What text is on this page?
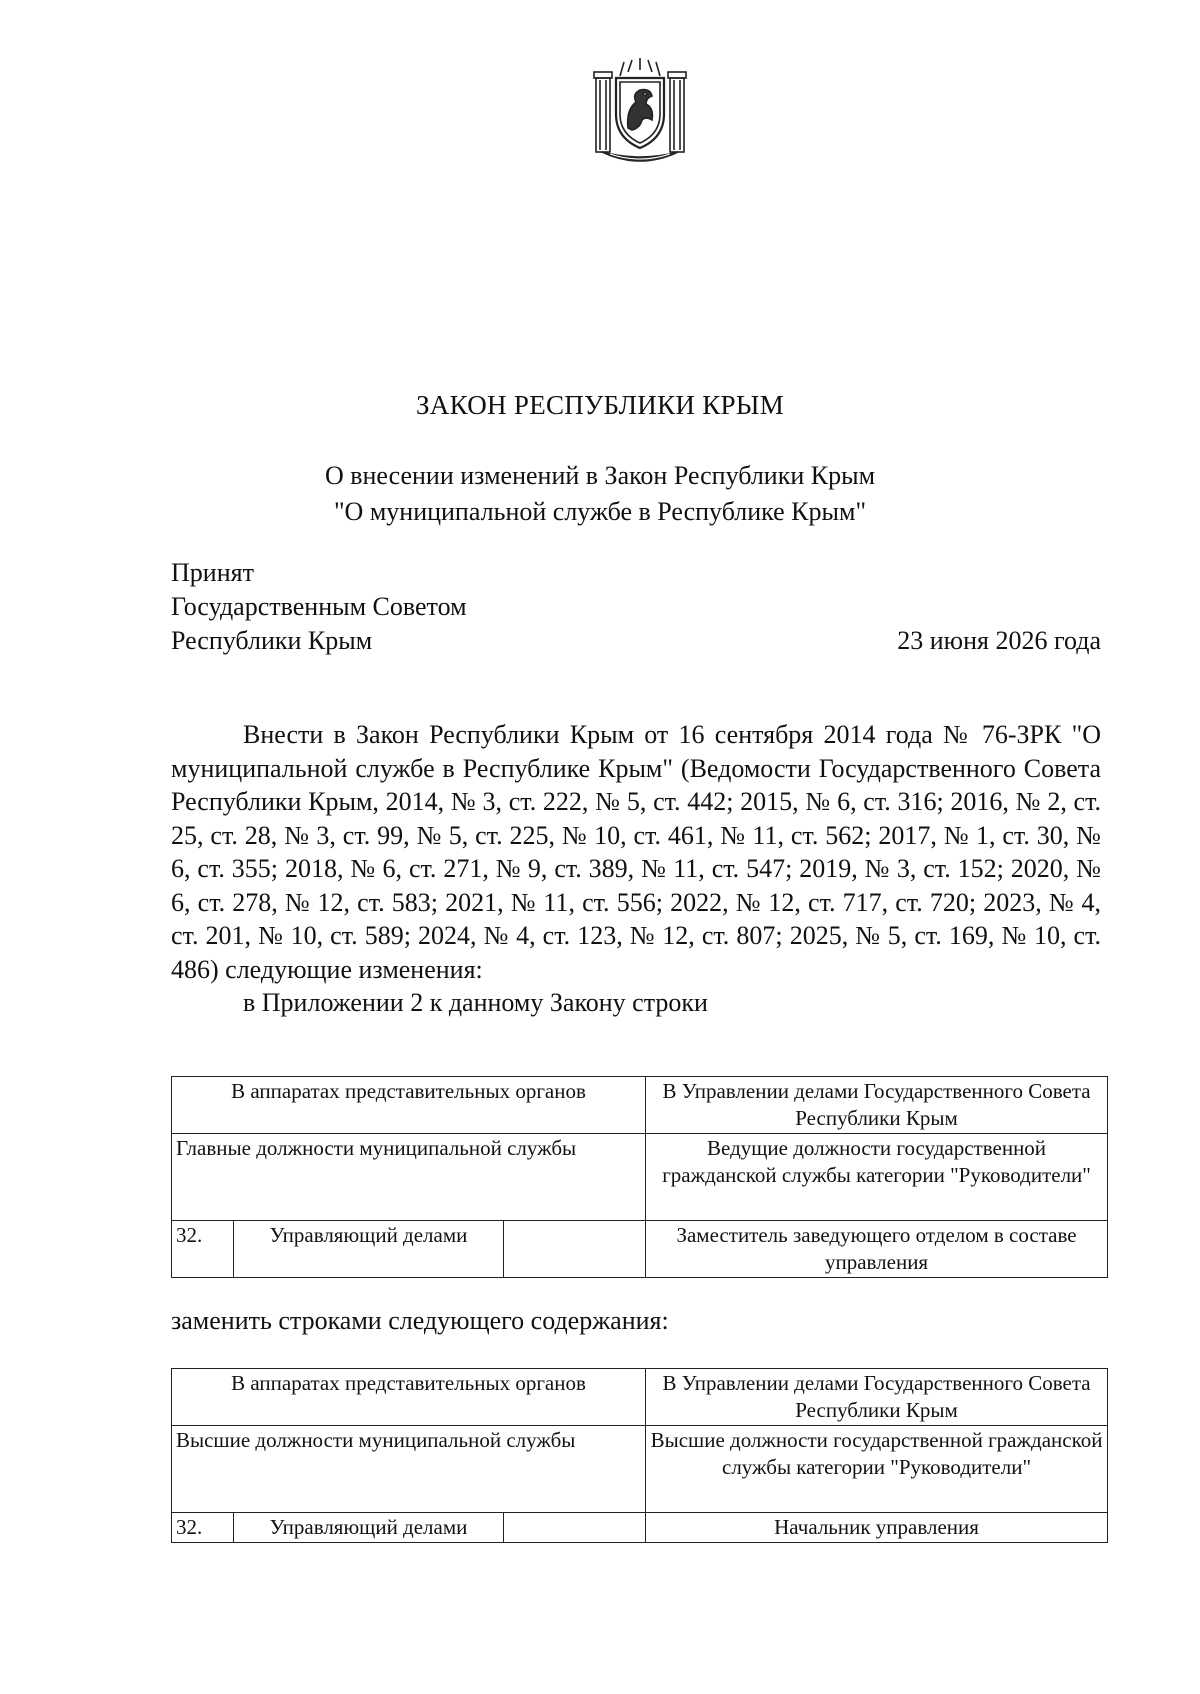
ЗАКОН РЕСПУБЛИКИ КРЫМ
О внесении изменений в Закон Республики Крым
"О муниципальной службе в Республике Крым"
Принят
Государственным Советом
Республики Крым	23 июня 2026 года

Внести в Закон Республики Крым от 16 сентября 2014 года № 76-ЗРК "О муниципальной службе в Республике Крым" (Ведомости Государственного Совета Республики Крым, 2014, № 3, ст. 222, № 5, ст. 442; 2015, № 6, ст. 316; 2016, № 2, ст. 25, ст. 28, № 3, ст. 99, № 5, ст. 225, № 10, ст. 461, № 11, ст. 562; 2017, № 1, ст. 30, № 6, ст. 355; 2018, № 6, ст. 271, № 9, ст. 389, № 11, ст. 547; 2019, № 3, ст. 152; 2020, № 6, ст. 278, № 12, ст. 583; 2021, № 11, ст. 556; 2022, № 12, ст. 717, ст. 720; 2023, № 4, ст. 201, № 10, ст. 589; 2024, № 4, ст. 123, № 12, ст. 807; 2025, № 5, ст. 169, № 10, ст. 486) следующие изменения:

в Приложении 2 к данному Закону строки

В аппаратах представительных органов			В Управлении делами Государственного Совета Республики Крым
Главные должности муниципальной службы			Ведущие должности государственной гражданской службы категории "Руководители"
32.	Управляющий делами		Заместитель заведующего отделом в составе управления
заменить строками следующего содержания:
В аппаратах представительных органов			В Управлении делами Государственного Совета Республики Крым
Высшие должности муниципальной службы			Высшие должности государственной гражданской службы категории "Руководители"
32.	Управляющий делами		Начальник управления
